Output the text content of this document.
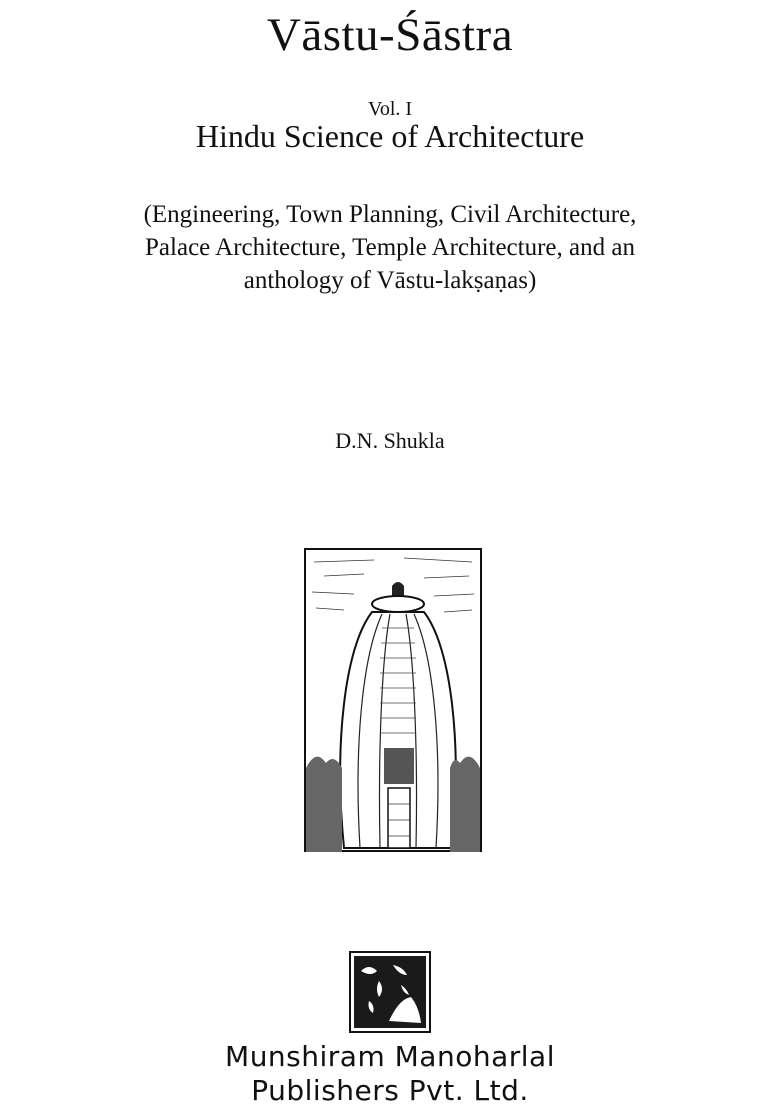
Vāstu-Śāstra
Vol. I
Hindu Science of Architecture
(Engineering, Town Planning, Civil Architecture,
Palace Architecture, Temple Architecture, and an
anthology of Vāstu-lakṣaṇas)
D.N. Shukla
Munshiram Manoharlal
Publishers Pvt. Ltd.
